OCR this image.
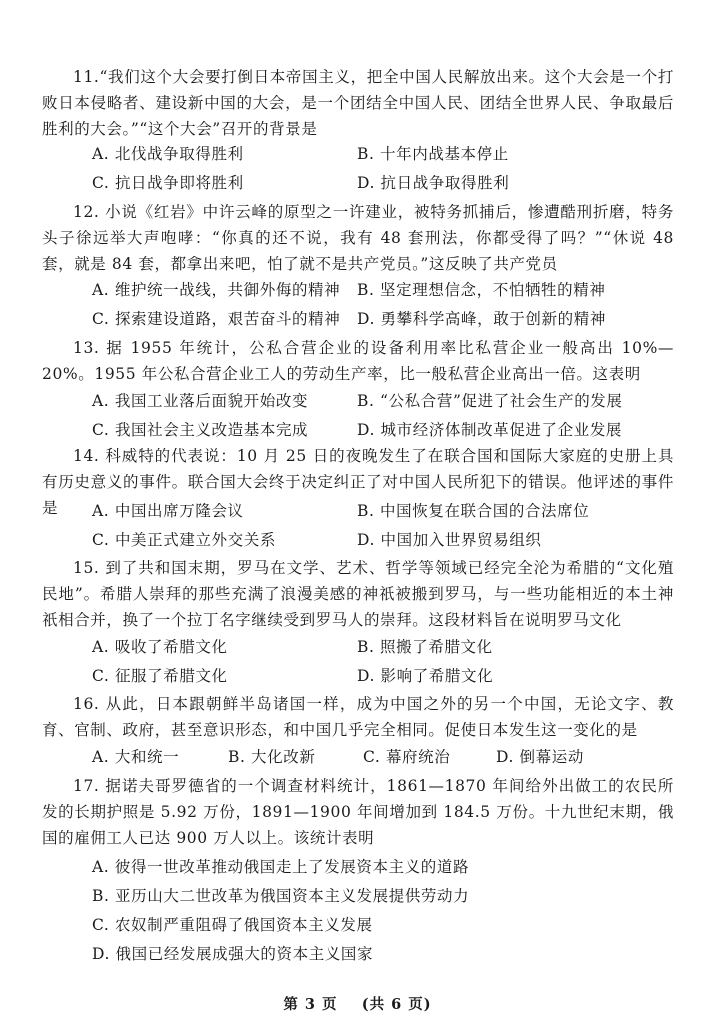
11.“我们这个大会要打倒日本帝国主义，把全中国人民解放出来。这个大会是一个打败日本侵略者、建设新中国的大会，是一个团结全中国人民、团结全世界人民、争取最后胜利的大会。”“这个大会”召开的背景是
A. 北伐战争取得胜利	B. 十年内战基本停止
C. 抗日战争即将胜利	D. 抗日战争取得胜利
12. 小说《红岩》中许云峰的原型之一许建业，被特务抓捕后，惨遭酷刑折磨，特务头子徐远举大声咆哮：“你真的还不说，我有 48 套刑法，你都受得了吗？”“休说 48 套，就是 84 套，都拿出来吧，怕了就不是共产党员。”这反映了共产党员
A. 维护统一战线，共御外侮的精神 B. 坚定理想信念，不怕牺牲的精神
C. 探索建设道路，艰苦奋斗的精神 D. 勇攀科学高峰，敢于创新的精神
13. 据 1955 年统计，公私合营企业的设备利用率比私营企业一般高出 10%—20%。1955 年公私合营企业工人的劳动生产率，比一般私营企业高出一倍。这表明
A. 我国工业落后面貌开始改变	B. “公私合营”促进了社会生产的发展
C. 我国社会主义改造基本完成	D. 城市经济体制改革促进了企业发展
14. 科威特的代表说：10 月 25 日的夜晚发生了在联合国和国际大家庭的史册上具有历史意义的事件。联合国大会终于决定纠正了对中国人民所犯下的错误。他评述的事件是	A. 中国出席万隆会议	B. 中国恢复在联合国的合法席位
C. 中美正式建立外交关系	D. 中国加入世界贸易组织
15. 到了共和国末期，罗马在文学、艺术、哲学等领域已经完全沦为希腊的“文化殖民地”。希腊人崇拜的那些充满了浪漫美感的神祇被搬到罗马，与一些功能相近的本土神祇相合并，换了一个拉丁名字继续受到罗马人的崇拜。这段材料旨在说明罗马文化
A. 吸收了希腊文化	B. 照搬了希腊文化
C. 征服了希腊文化	D. 影响了希腊文化
16. 从此，日本跟朝鲜半岛诸国一样，成为中国之外的另一个中国，无论文字、教育、官制、政府，甚至意识形态，和中国几乎完全相同。促使日本发生这一变化的是
A. 大和统一	B. 大化改新	C. 幕府统治	D. 倒幕运动
17. 据诺夫哥罗德省的一个调查材料统计，1861—1870 年间给外出做工的农民所发的长期护照是 5.92 万份，1891—1900 年间增加到 184.5 万份。十九世纪末期，俄国的雇佣工人已达 900 万人以上。该统计表明
A. 彼得一世改革推动俄国走上了发展资本主义的道路
B. 亚历山大二世改革为俄国资本主义发展提供劳动力
C. 农奴制严重阻碍了俄国资本主义发展
D. 俄国已经发展成强大的资本主义国家
第 3 页    (共 6 页)
